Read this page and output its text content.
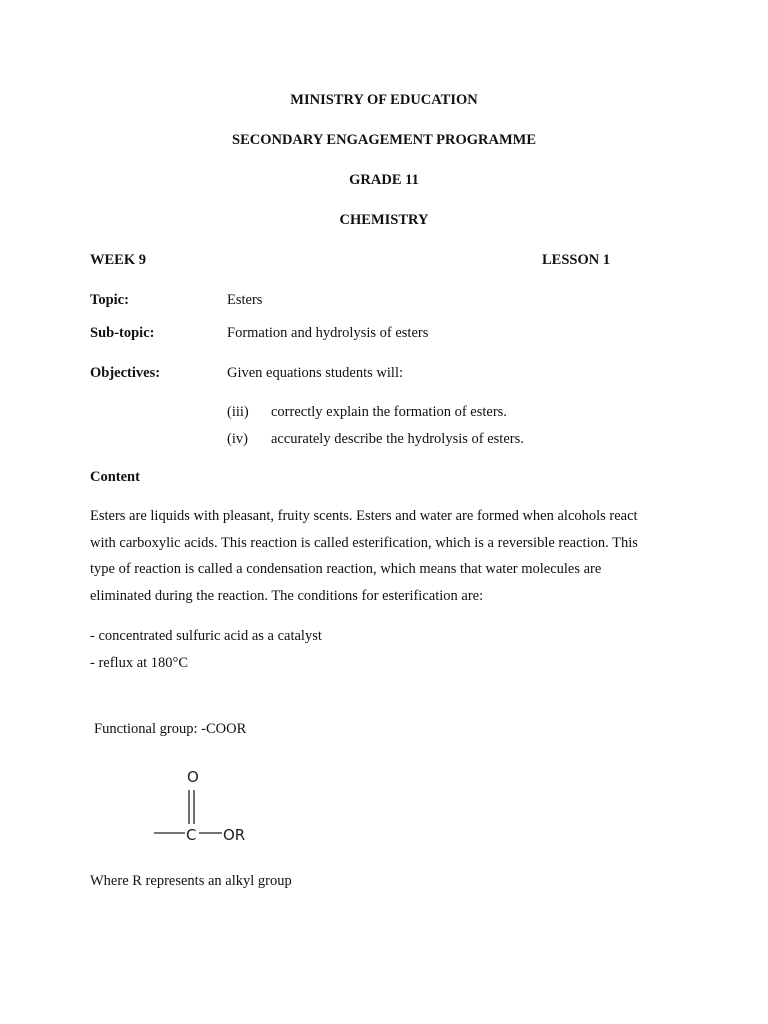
MINISTRY OF EDUCATION
SECONDARY ENGAGEMENT PROGRAMME
GRADE 11
CHEMISTRY
WEEK 9	LESSON 1
Topic:	Esters
Sub-topic:	Formation and hydrolysis of esters
Objectives:	Given equations students will:
(iii) correctly explain the formation of esters.
(iv) accurately describe the hydrolysis of esters.
Content
Esters are liquids with pleasant, fruity scents. Esters and water are formed when alcohols react
with carboxylic acids. This reaction is called esterification, which is a reversible reaction. This
type of reaction is called a condensation reaction, which means that water molecules are
eliminated during the reaction. The conditions for esterification are:
- concentrated sulfuric acid as a catalyst
- reflux at 180°C
Functional group: -COOR
O
C OR
Where R represents an alkyl group
